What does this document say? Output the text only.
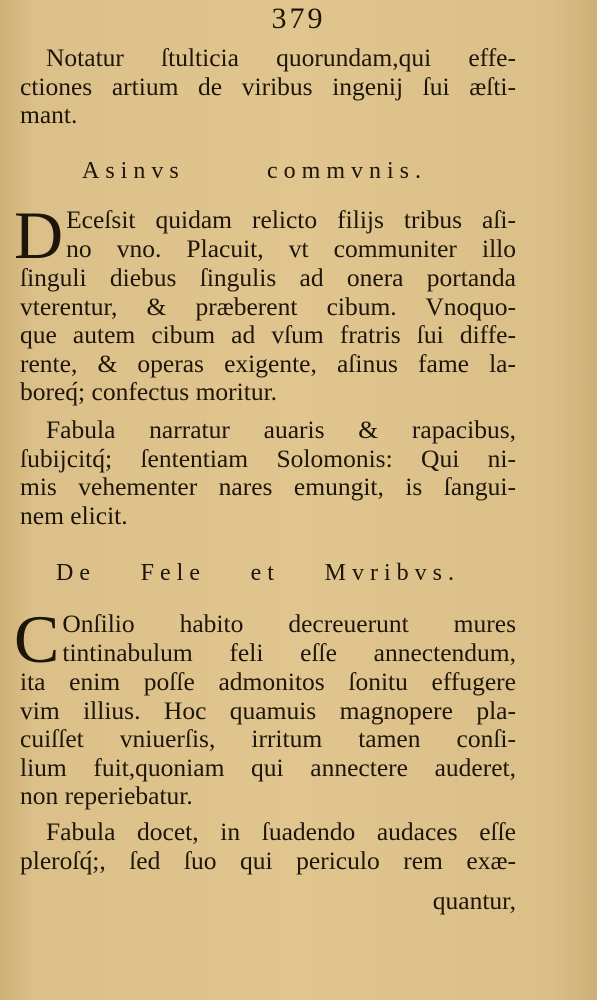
379
Notatur ſtulticia quorundam,qui effe-
ctiones artium de viribus ingenij ſui æſti-
mant.
Asinvs commvnis.
D Eceſsit quidam relicto filijs tribus aſi-
no vno. Placuit, vt communiter illo
ſinguli diebus ſingulis ad onera portanda
vterentur, & præberent cibum. Vnoquo-
que autem cibum ad vſum fratris ſui diffe-
rente, & operas exigente, aſinus fame la-
boreq́; confectus moritur.
Fabula narratur auaris & rapacibus,
ſubijcitq́; ſententiam Solomonis: Qui ni-
mis vehementer nares emungit, is ſangui-
nem elicit.
De Fele et Mvribvs.
C Onſilio habito decreuerunt mures
tintinabulum feli eſſe annectendum,
ita enim poſſe admonitos ſonitu effugere
vim illius. Hoc quamuis magnopere pla-
cuiſſet vniuerſis, irritum tamen conſi-
lium fuit,quoniam qui annectere auderet,
non reperiebatur.
Fabula docet, in ſuadendo audaces eſſe
pleroſq́;, ſed ſuo qui periculo rem exæ-
quantur,
